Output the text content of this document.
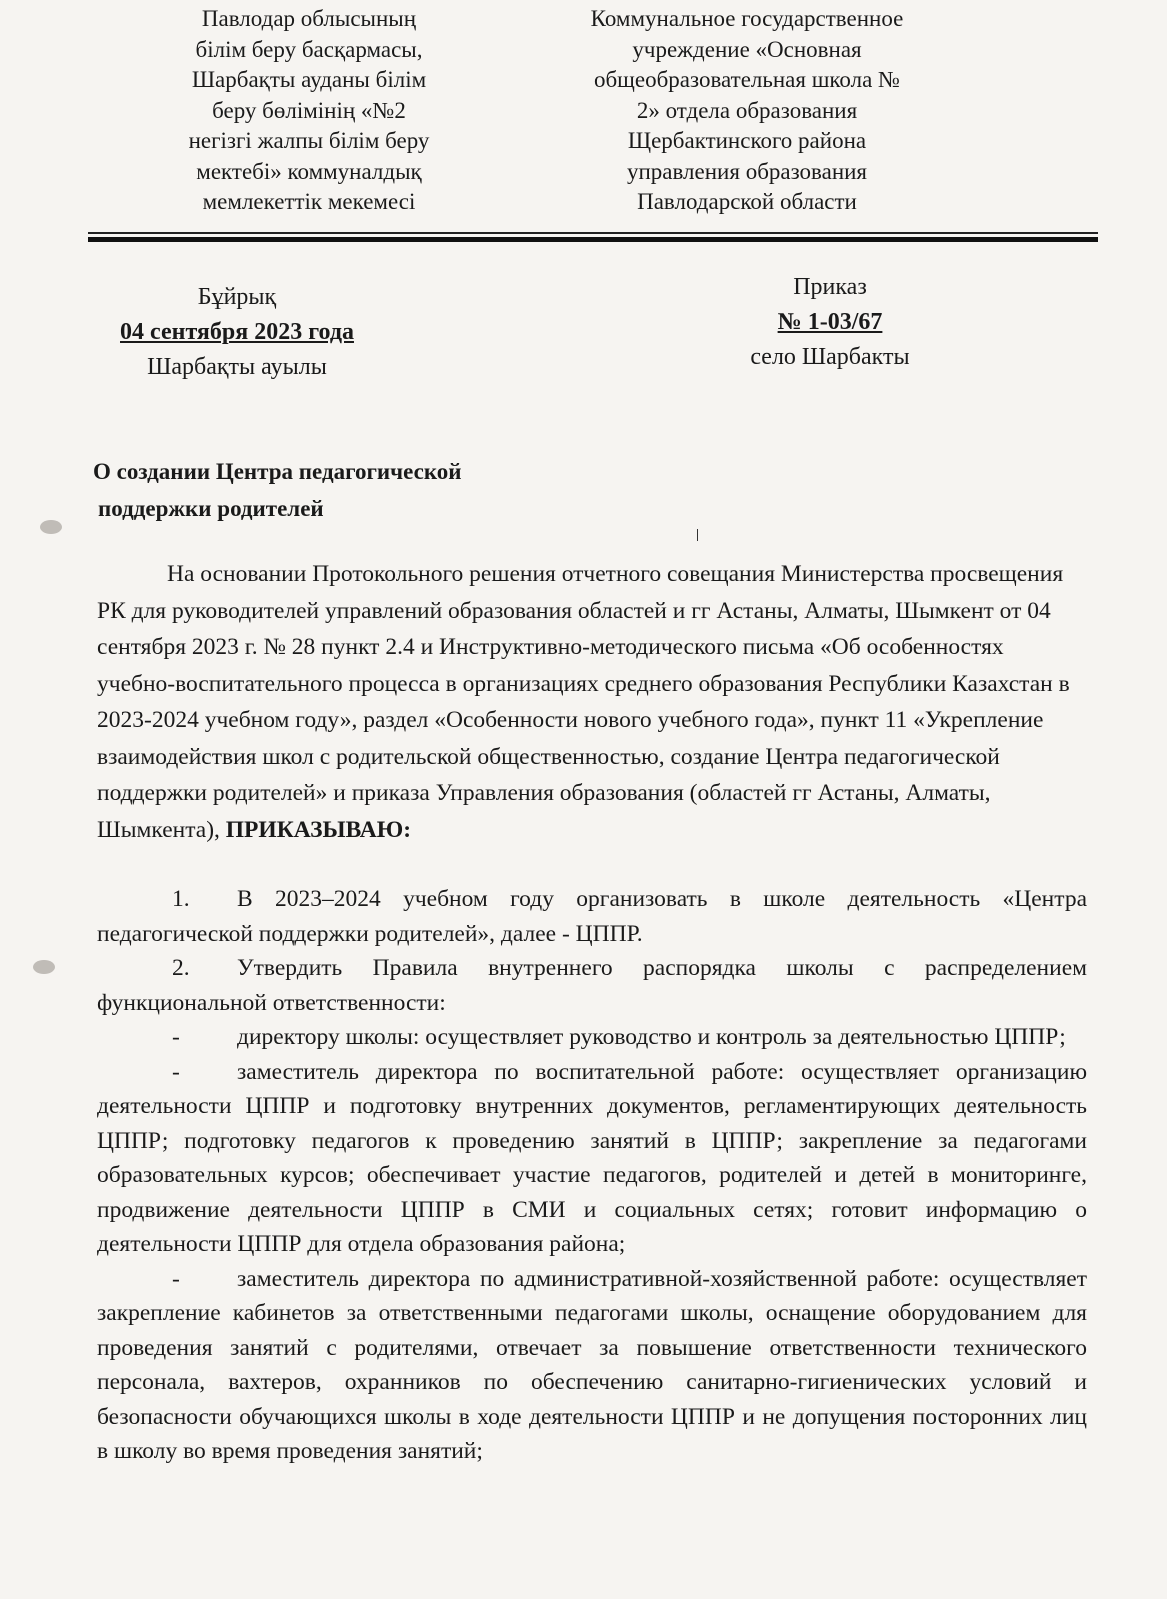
Павлодар облысының
білім беру басқармасы,
Шарбақты ауданы білім
беру бөлімінің «№2
негізгі жалпы білім беру
мектебі» коммуналдық
мемлекеттік мекемесі
Коммунальное государственное
учреждение «Основная
общеобразовательная школа №
2» отдела образования
Щербактинского района
управления образования
Павлодарской области
Бұйрық
04 сентября 2023 года
Шарбақты ауылы
Приказ
№ 1-03/67
село Шарбакты
О создании Центра педагогической
поддержки родителей

На основании Протокольного решения отчетного совещания Министерства просвещения РК для руководителей управлений образования областей и гг Астаны, Алматы, Шымкент от 04 сентября 2023 г. № 28 пункт 2.4 и Инструктивно-методического письма «Об особенностях учебно-воспитательного процесса в организациях среднего образования Республики Казахстан в 2023-2024 учебном году», раздел «Особенности нового учебного года», пункт 11 «Укрепление взаимодействия школ с родительской общественностью, создание Центра педагогической поддержки родителей» и приказа Управления образования (областей гг Астаны, Алматы, Шымкента), ПРИКАЗЫВАЮ:

1. В 2023–2024 учебном году организовать в школе деятельность «Центра педагогической поддержки родителей», далее - ЦППР.

2. Утвердить Правила внутреннего распорядка школы с распределением функциональной ответственности:

- директору школы: осуществляет руководство и контроль за деятельностью ЦППР;

- заместитель директора по воспитательной работе: осуществляет организацию деятельности ЦППР и подготовку внутренних документов, регламентирующих деятельность ЦППР; подготовку педагогов к проведению занятий в ЦППР; закрепление за педагогами образовательных курсов; обеспечивает участие педагогов, родителей и детей в мониторинге, продвижение деятельности ЦППР в СМИ и социальных сетях; готовит информацию о деятельности ЦППР для отдела образования района;

- заместитель директора по административной-хозяйственной работе: осуществляет закрепление кабинетов за ответственными педагогами школы, оснащение оборудованием для проведения занятий с родителями, отвечает за повышение ответственности технического персонала, вахтеров, охранников по обеспечению санитарно-гигиенических условий и безопасности обучающихся школы в ходе деятельности ЦППР и не допущения посторонних лиц в школу во время проведения занятий;
